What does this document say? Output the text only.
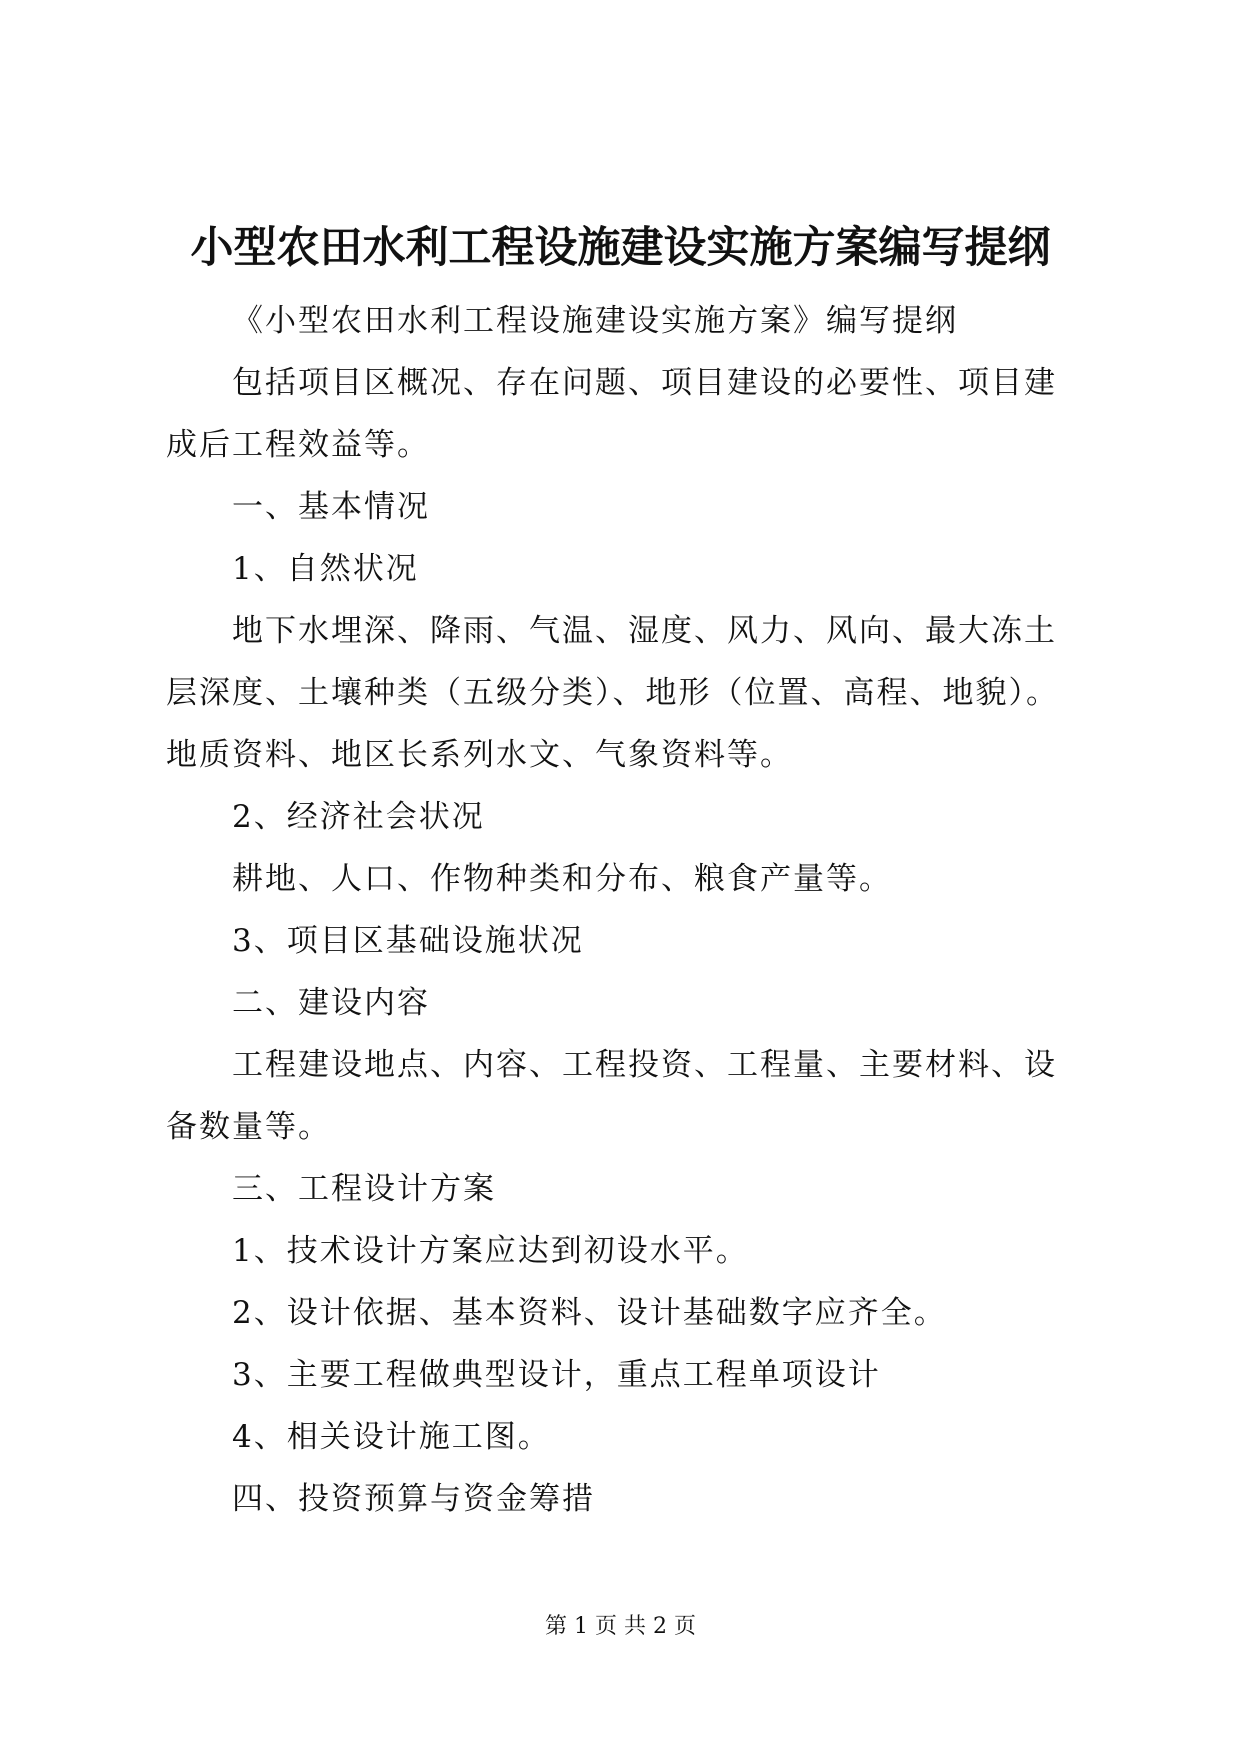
小型农田水利工程设施建设实施方案编写提纲

《小型农田水利工程设施建设实施方案》编写提纲

包括项目区概况、存在问题、项目建设的必要性、项目建成后工程效益等。

一、基本情况

1、自然状况

地下水埋深、降雨、气温、湿度、风力、风向、最大冻土层深度、土壤种类（五级分类）、地形（位置、高程、地貌）。地质资料、地区长系列水文、气象资料等。

2、经济社会状况

耕地、人口、作物种类和分布、粮食产量等。

3、项目区基础设施状况

二、建设内容

工程建设地点、内容、工程投资、工程量、主要材料、设备数量等。

三、工程设计方案

1、技术设计方案应达到初设水平。

2、设计依据、基本资料、设计基础数字应齐全。

3、主要工程做典型设计，重点工程单项设计

4、相关设计施工图。

四、投资预算与资金筹措

第 1 页 共 2 页
